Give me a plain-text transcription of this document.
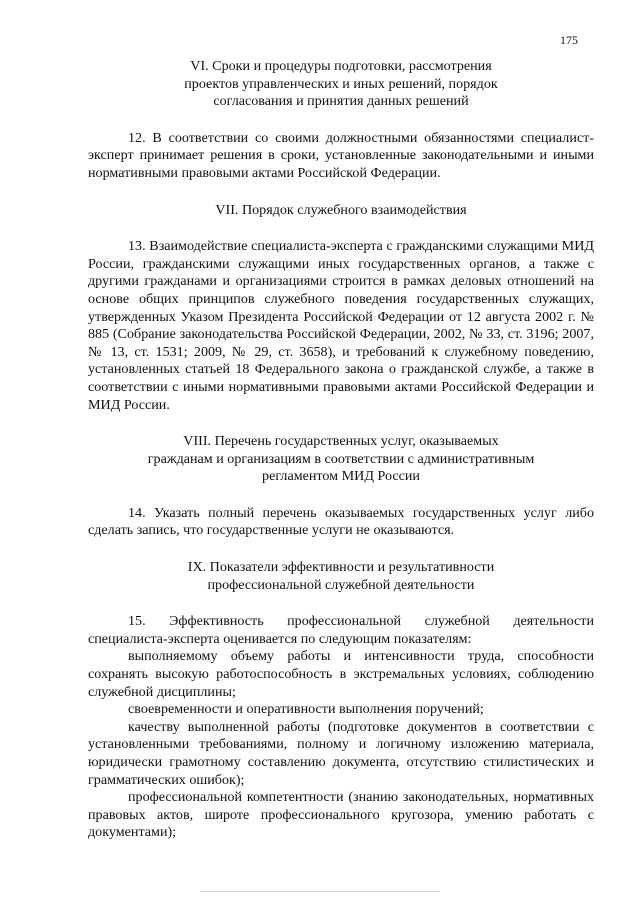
175
VI. Сроки и процедуры подготовки, рассмотрения
проектов управленческих и иных решений, порядок
согласования и принятия данных решений

12. В соответствии со своими должностными обязанностями специалист-эксперт принимает решения в сроки, установленные законодательными и иными нормативными правовыми актами Российской Федерации.

VII. Порядок служебного взаимодействия

13. Взаимодействие специалиста-эксперта с гражданскими служащими МИД России, гражданскими служащими иных государственных органов, а также с другими гражданами и организациями строится в рамках деловых отношений на основе общих принципов служебного поведения государственных служащих, утвержденных Указом Президента Российской Федерации от 12 августа 2002 г. № 885 (Собрание законодательства Российской Федерации, 2002, № 33, ст. 3196; 2007, № 13, ст. 1531; 2009, № 29, ст. 3658), и требований к служебному поведению, установленных статьей 18 Федерального закона о гражданской службе, а также в соответствии с иными нормативными правовыми актами Российской Федерации и МИД России.

VIII. Перечень государственных услуг, оказываемых
гражданам и организациям в соответствии с административным
регламентом МИД России

14. Указать полный перечень оказываемых государственных услуг либо сделать запись, что государственные услуги не оказываются.

IX. Показатели эффективности и результативности
профессиональной служебной деятельности

15. Эффективность профессиональной служебной деятельности специалиста-эксперта оценивается по следующим показателям:

выполняемому объему работы и интенсивности труда, способности сохранять высокую работоспособность в экстремальных условиях, соблюдению служебной дисциплины;

своевременности и оперативности выполнения поручений;

качеству выполненной работы (подготовке документов в соответствии с установленными требованиями, полному и логичному изложению материала, юридически грамотному составлению документа, отсутствию стилистических и грамматических ошибок);

профессиональной компетентности (знанию законодательных, нормативных правовых актов, широте профессионального кругозора, умению работать с документами);
